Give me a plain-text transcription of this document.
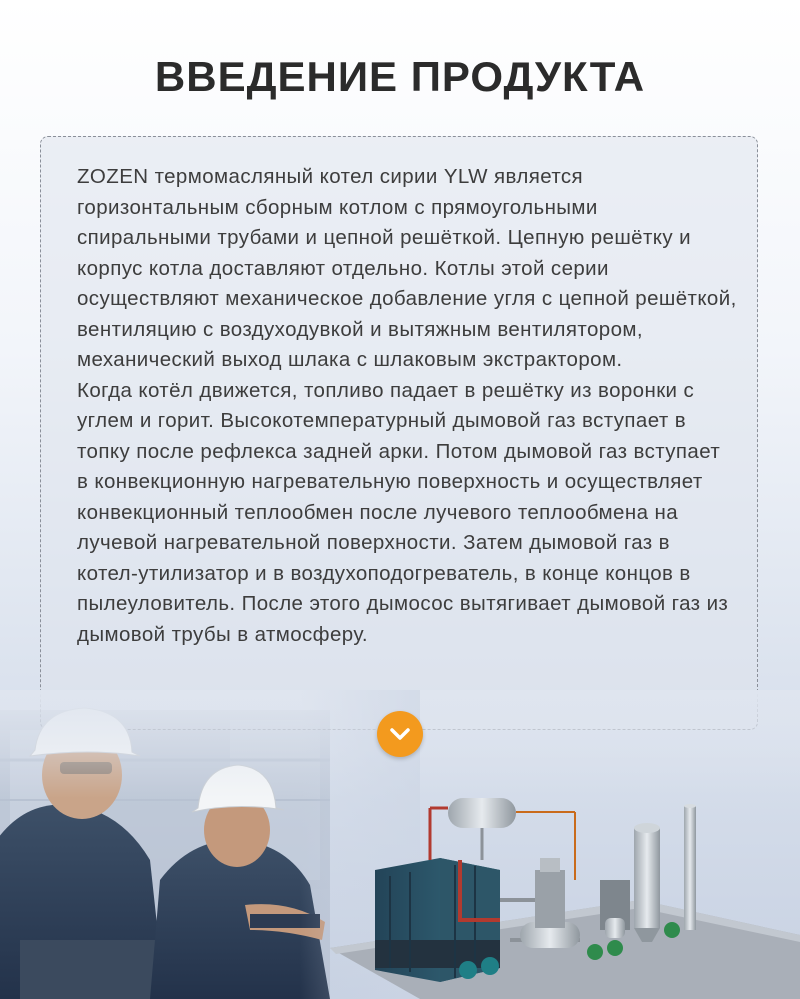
ВВЕДЕНИЕ ПРОДУКТА

ZOZEN термомасляный котел сирии YLW является горизонтальным сборным котлом с прямоугольными спиральными трубами и цепной решёткой. Цепную решётку и корпус котла доставляют отдельно. Котлы этой серии осуществляют механическое добавление угля с цепной решёткой, вентиляцию с воздуходувкой и вытяжным вентилятором, механический выход шлака с шлаковым экстрактором.

Когда котёл движется, топливо падает в решётку из воронки с углем и горит. Высокотемпературный дымовой газ вступает в топку после рефлекса задней арки. Потом дымовой газ вступает в конвекционную нагревательную поверхность и осуществляет конвекционный теплообмен после лучевого теплообмена на лучевой нагревательной поверхности. Затем дымовой газ в котел-утилизатор и в воздухоподогреватель, в конце концов в пылеуловитель. После этого дымосос вытягивает дымовой газ из дымовой трубы в атмосферу.
